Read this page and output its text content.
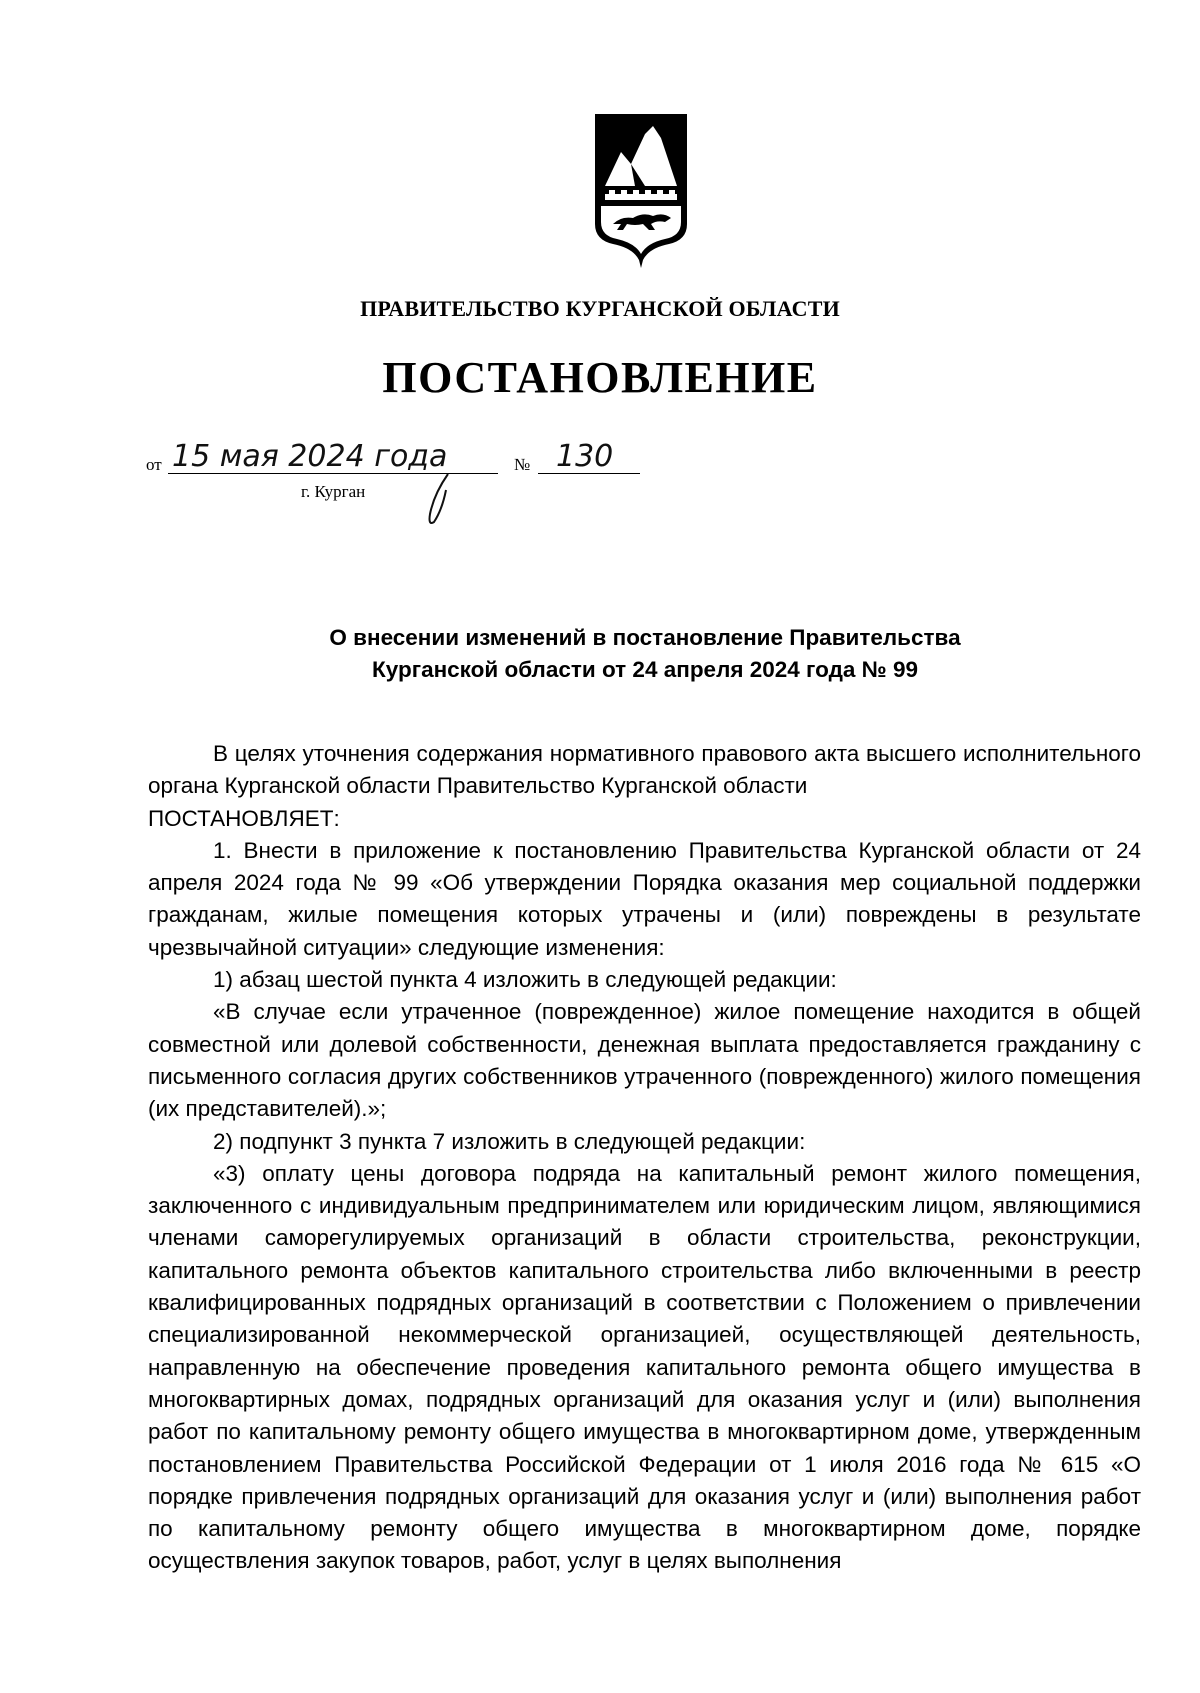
ПРАВИТЕЛЬСТВО КУРГАНСКОЙ ОБЛАСТИ
ПОСТАНОВЛЕНИЕ
от 15 мая 2024 года	№ 130
г. Курган
О внесении изменений в постановление Правительства
Курганской области от 24 апреля 2024 года № 99

В целях уточнения содержания нормативного правового акта высшего исполнительного органа Курганской области Правительство Курганской области

ПОСТАНОВЛЯЕТ:

1. Внести в приложение к постановлению Правительства Курганской области от 24 апреля 2024 года № 99 «Об утверждении Порядка оказания мер социальной поддержки гражданам, жилые помещения которых утрачены и (или) повреждены в результате чрезвычайной ситуации» следующие изменения:

1) абзац шестой пункта 4 изложить в следующей редакции:

«В случае если утраченное (поврежденное) жилое помещение находится в общей совместной или долевой собственности, денежная выплата предоставляется гражданину с письменного согласия других собственников утраченного (поврежденного) жилого помещения (их представителей).»;

2) подпункт 3 пункта 7 изложить в следующей редакции:

«3) оплату цены договора подряда на капитальный ремонт жилого помещения, заключенного с индивидуальным предпринимателем или юридическим лицом, являющимися членами саморегулируемых организаций в области строительства, реконструкции, капитального ремонта объектов капитального строительства либо включенными в реестр квалифицированных подрядных организаций в соответствии с Положением о привлечении специализированной некоммерческой организацией, осуществляющей деятельность, направленную на обеспечение проведения капитального ремонта общего имущества в многоквартирных домах, подрядных организаций для оказания услуг и (или) выполнения работ по капитальному ремонту общего имущества в многоквартирном доме, утвержденным постановлением Правительства Российской Федерации от 1 июля 2016 года № 615 «О порядке привлечения подрядных организаций для оказания услуг и (или) выполнения работ по капитальному ремонту общего имущества в многоквартирном доме, порядке осуществления закупок товаров, работ, услуг в целях выполнения
